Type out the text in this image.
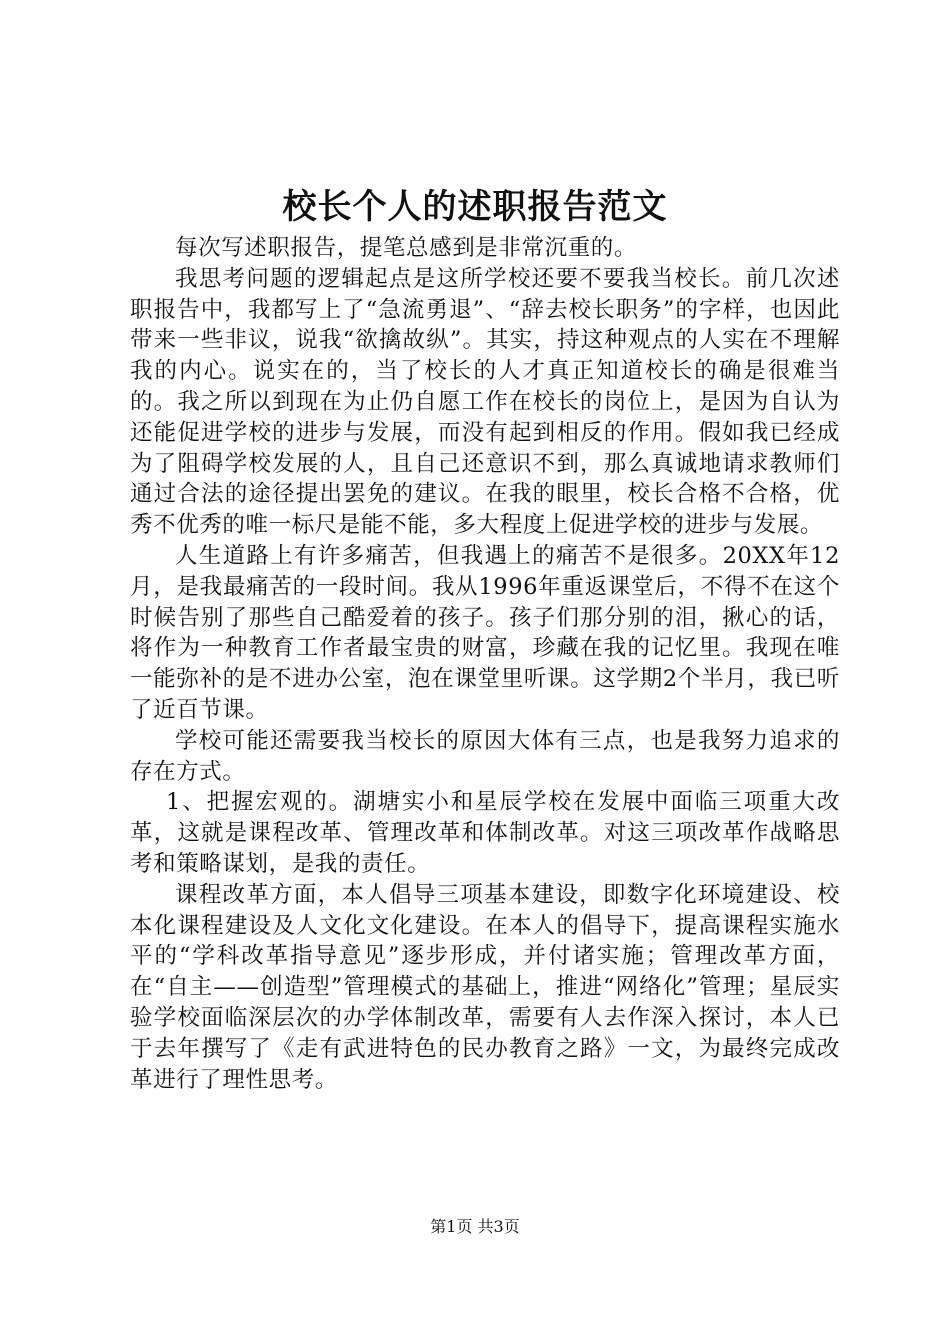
校长个人的述职报告范文

每次写述职报告，提笔总感到是非常沉重的。

我思考问题的逻辑起点是这所学校还要不要我当校长。前几次述职报告中，我都写上了“急流勇退”、“辞去校长职务”的字样，也因此带来一些非议，说我“欲擒故纵”。其实，持这种观点的人实在不理解我的内心。说实在的，当了校长的人才真正知道校长的确是很难当的。我之所以到现在为止仍自愿工作在校长的岗位上，是因为自认为还能促进学校的进步与发展，而没有起到相反的作用。假如我已经成为了阻碍学校发展的人，且自己还意识不到，那么真诚地请求教师们通过合法的途径提出罢免的建议。在我的眼里，校长合格不合格，优秀不优秀的唯一标尺是能不能，多大程度上促进学校的进步与发展。

人生道路上有许多痛苦，但我遇上的痛苦不是很多。20XX年12月，是我最痛苦的一段时间。我从1996年重返课堂后，不得不在这个时候告别了那些自己酷爱着的孩子。孩子们那分别的泪，揪心的话，将作为一种教育工作者最宝贵的财富，珍藏在我的记忆里。我现在唯一能弥补的是不进办公室，泡在课堂里听课。这学期2个半月，我已听了近百节课。

学校可能还需要我当校长的原因大体有三点，也是我努力追求的存在方式。

1、把握宏观的。湖塘实小和星辰学校在发展中面临三项重大改革，这就是课程改革、管理改革和体制改革。对这三项改革作战略思考和策略谋划，是我的责任。

课程改革方面，本人倡导三项基本建设，即数字化环境建设、校本化课程建设及人文化文化建设。在本人的倡导下，提高课程实施水平的“学科改革指导意见”逐步形成，并付诸实施；管理改革方面，在“自主——创造型”管理模式的基础上，推进“网络化”管理；星辰实验学校面临深层次的办学体制改革，需要有人去作深入探讨，本人已于去年撰写了《走有武进特色的民办教育之路》一文，为最终完成改革进行了理性思考。

第1页 共3页
